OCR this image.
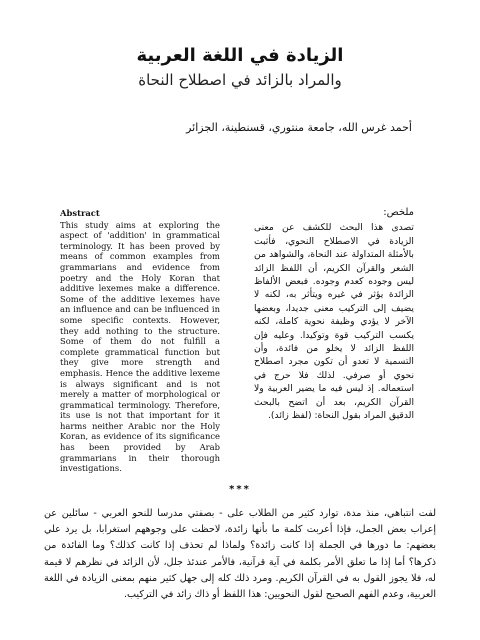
الزيادة في اللغة العربية
والمراد بالزائد في اصطلاح النحاة
أحمد غرس الله، جامعة منتوري، قسنطينة، الجزائر
Abstract
This study aims at exploring the aspect of 'addition' in grammatical terminology. It has been proved by means of common examples from grammarians and evidence from poetry and the Holy Koran that additive lexemes make a difference. Some of the additive lexemes have an influence and can be influenced in some specific contexts. However, they add nothing to the structure. Some of them do not fulfill a complete grammatical function but they give more strength and emphasis. Hence the additive lexeme is always significant and is not merely a matter of morphological or grammatical terminology. Therefore, its use is not that important for it harms neither Arabic nor the Holy Koran, as evidence of its significance has been provided by Arab grammarians in their thorough investigations.
ملخص:
تصدى هذا البحث للكشف عن معنى الزيادة في الاصطلاح النحوي، فأثبت بالأمثلة المتداولة عند النحاة، والشواهد من الشعر والقرآن الكريم، أن اللفظ الزائد ليس وجوده كعدم وجوده. فبعض الألفاظ الزائدة يؤثر في غيره ويتأثر به، لكنه لا يضيف إلى التركيب معنى جديدا، وبعضها الآخر لا يؤدي وظيفة نحوية كاملة، لكنه يكسب التركيب قوة وتوكيدا. وعليه فإن اللفظ الزائد لا يخلو من فائدة، وأن التسمية لا تعدو أن تكون مجرد اصطلاح نحوي أو صرفي. لذلك فلا حرج في استعماله. إذ ليس فيه ما يضير العربية ولا القرآن الكريم، بعد أن اتضح بالبحث الدقيق المراد بقول النحاة: (لفظ زائد).
***
لفت انتباهي، منذ مدة، توارد كثير من الطلاب على - بصفتي مدرسا للنحو العربي - سائلين عن إعراب بعض الجمل، فإذا أعربت كلمة ما بأنها زائدة، لاحظت على وجوههم استغرابا، بل يرد علي بعضهم: ما دورها في الجملة إذا كانت زائدة؟ ولماذا لم تحذف إذا كانت كذلك؟ وما الفائدة من ذكرها؟ أما إذا ما تعلق الأمر بكلمة في آية قرآنية، فالأمر عندئذ جلل، لأن الزائد في نظرهم لا قيمة له، فلا يجوز القول به في القرآن الكريم. ومرد ذلك كله إلى جهل كثير منهم بمعنى الزيادة في اللغة العربية، وعدم الفهم الصحيح لقول النحويين: هذا اللفظ أو ذاك زائد في التركيب.
